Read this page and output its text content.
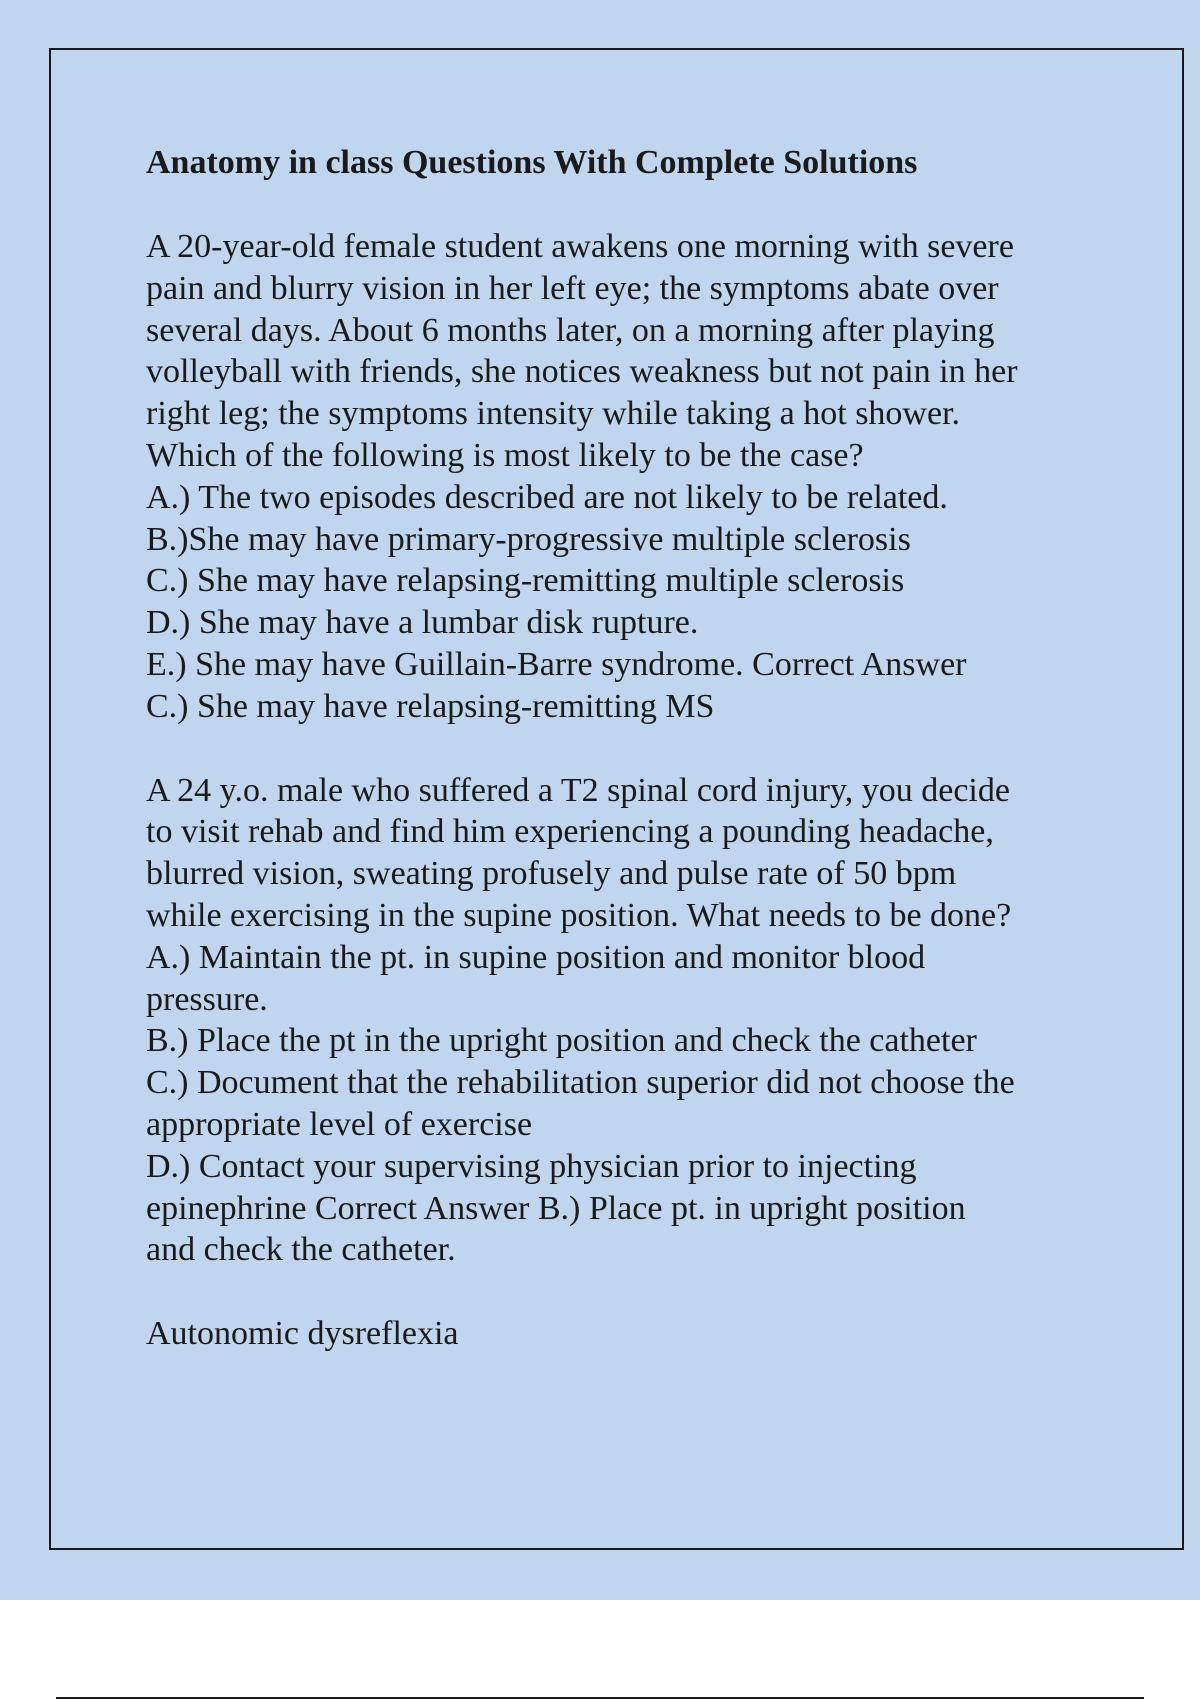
Anatomy in class Questions With Complete Solutions
A 20-year-old female student awakens one morning with severe
pain and blurry vision in her left eye; the symptoms abate over
several days. About 6 months later, on a morning after playing
volleyball with friends, she notices weakness but not pain in her
right leg; the symptoms intensity while taking a hot shower.
Which of the following is most likely to be the case?
A.) The two episodes described are not likely to be related.
B.)She may have primary-progressive multiple sclerosis
C.) She may have relapsing-remitting multiple sclerosis
D.) She may have a lumbar disk rupture.
E.) She may have Guillain-Barre syndrome. Correct Answer
C.) She may have relapsing-remitting MS
A 24 y.o. male who suffered a T2 spinal cord injury, you decide
to visit rehab and find him experiencing a pounding headache,
blurred vision, sweating profusely and pulse rate of 50 bpm
while exercising in the supine position. What needs to be done?
A.) Maintain the pt. in supine position and monitor blood
pressure.
B.) Place the pt in the upright position and check the catheter
C.) Document that the rehabilitation superior did not choose the
appropriate level of exercise
D.) Contact your supervising physician prior to injecting
epinephrine Correct Answer B.) Place pt. in upright position
and check the catheter.
Autonomic dysreflexia
